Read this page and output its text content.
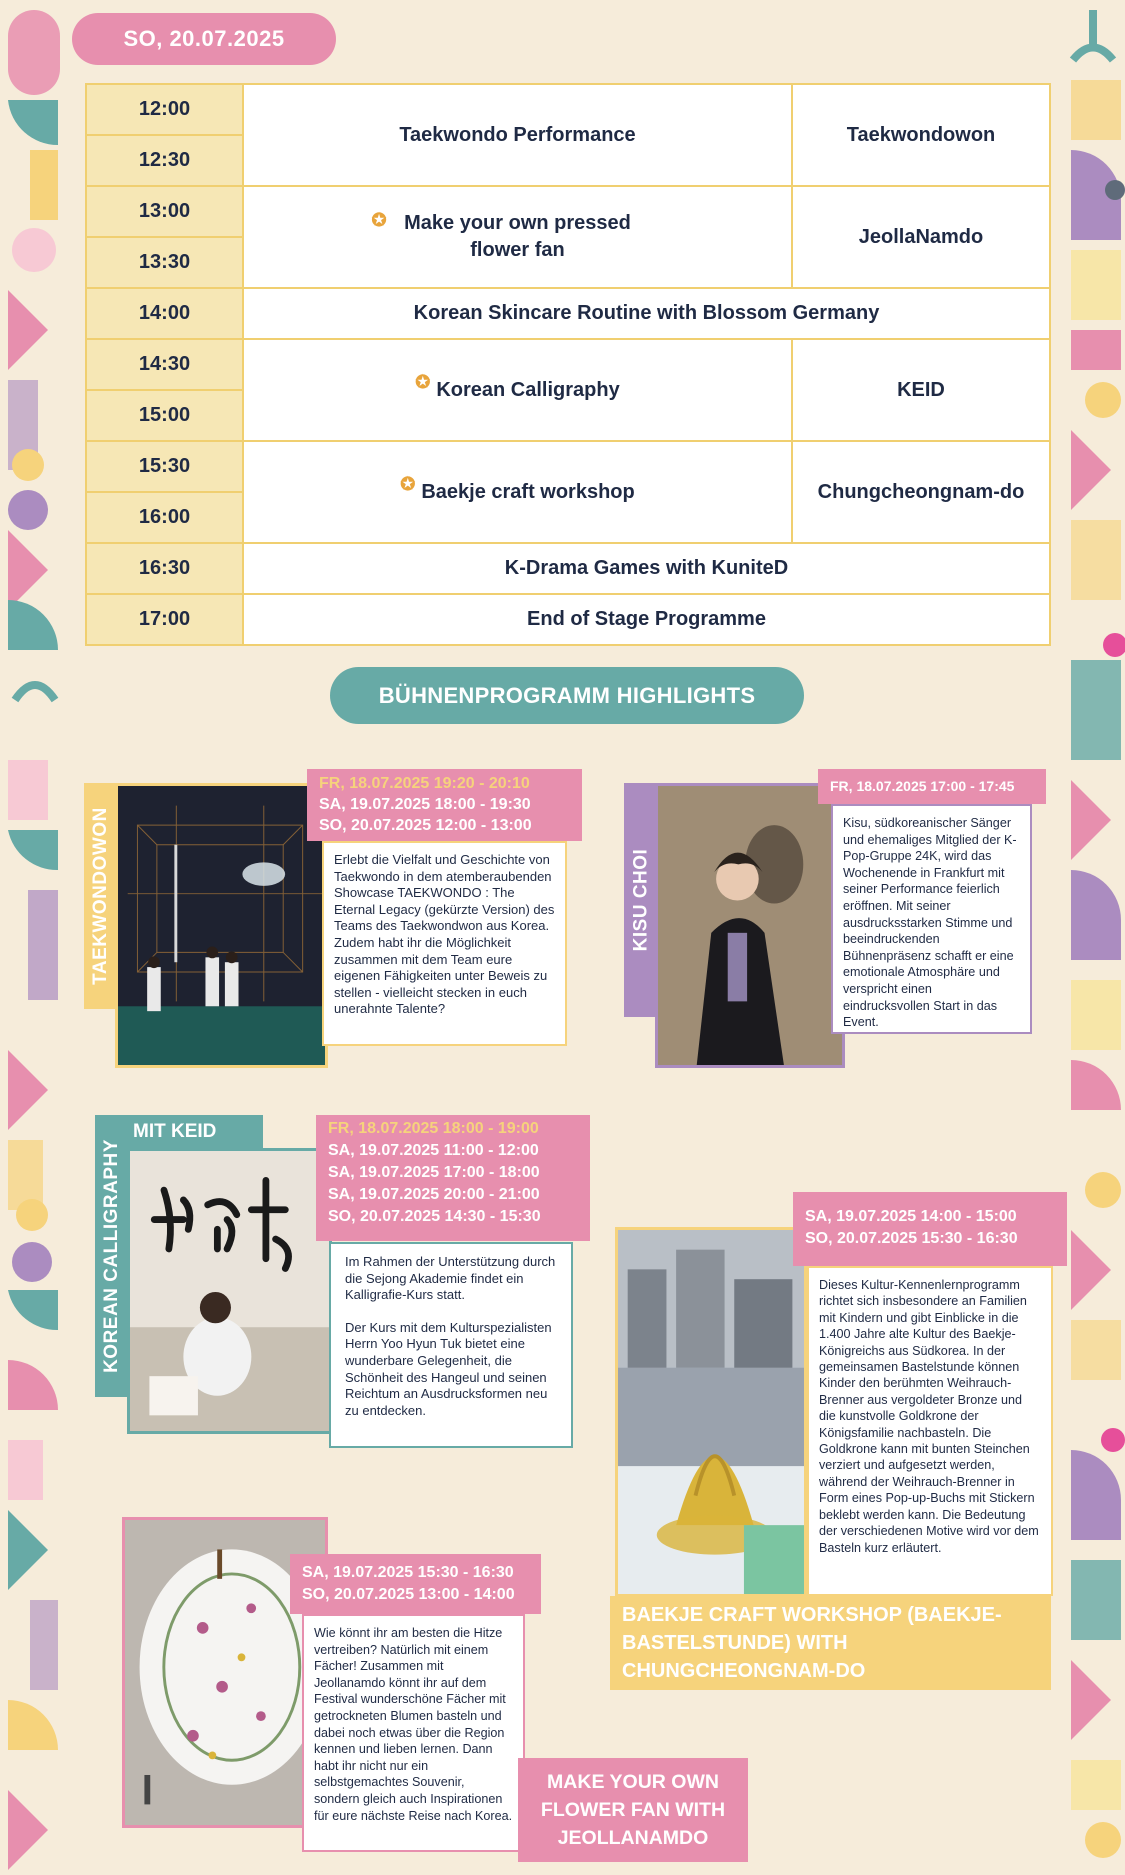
SO, 20.07.2025
12:00	Taekwondo Performance	Taekwondowon
12:30		
13:00	✪ Make your own pressed flower fan	JeollaNamdo
13:30		
14:00	Korean Skincare Routine with Blossom Germany	
14:30	✪ Korean Calligraphy	KEID
15:00		
15:30	✪ Baekje craft workshop	Chungcheongnam-do
16:00		
16:30	K-Drama Games with KuniteD	
17:00	End of Stage Programme	
BÜHNENPROGRAMM HIGHLIGHTS
TAEKWONDOWON
FR, 18.07.2025 19:20 - 20:10
SA, 19.07.2025 18:00 - 19:30
SO, 20.07.2025 12:00 - 13:00
Erlebt die Vielfalt und Geschichte von Taekwondo in dem atemberaubenden Showcase TAEKWONDO : The Eternal Legacy (gekürzte Version) des Teams des Taekwondwon aus Korea. Zudem habt ihr die Möglichkeit zusammen mit dem Team eure eigenen Fähigkeiten unter Beweis zu stellen - vielleicht stecken in euch unerahnte Talente?
KISU CHOI
FR, 18.07.2025 17:00 - 17:45
Kisu, südkoreanischer Sänger und ehemaliges Mitglied der K-Pop-Gruppe 24K, wird das Wochenende in Frankfurt mit seiner Performance feierlich eröffnen. Mit seiner ausdrucksstarken Stimme und beeindruckenden Bühnenpräsenz schafft er eine emotionale Atmosphäre und verspricht einen eindrucksvollen Start in das Event.
KOREAN CALLIGRAPHY
MIT KEID	FR, 18.07.2025 18:00 - 19:00
SA, 19.07.2025 11:00 - 12:00
SA, 19.07.2025 17:00 - 18:00
SA, 19.07.2025 20:00 - 21:00
SO, 20.07.2025 14:30 - 15:30
Im Rahmen der Unterstützung durch die Sejong Akademie findet ein Kalligrafie-Kurs statt.
Der Kurs mit dem Kulturspezialisten Herrn Yoo Hyun Tuk bietet eine wunderbare Gelegenheit, die Schönheit des Hangeul und seinen Reichtum an Ausdrucksformen neu zu entdecken.
SA, 19.07.2025 14:00 - 15:00
SO, 20.07.2025 15:30 - 16:30
Dieses Kultur-Kennenlernprogramm richtet sich insbesondere an Familien mit Kindern und gibt Einblicke in die 1.400 Jahre alte Kultur des Baekje-Königreichs aus Südkorea. In der gemeinsamen Bastelstunde können Kinder den berühmten Weihrauch-Brenner aus vergoldeter Bronze und die kunstvolle Goldkrone der Königsfamilie nachbasteln. Die Goldkrone kann mit bunten Steinchen verziert und aufgesetzt werden, während der Weihrauch-Brenner in Form eines Pop-up-Buchs mit Stickern beklebt werden kann. Die Bedeutung der verschiedenen Motive wird vor dem Basteln kurz erläutert.
BAEKJE CRAFT WORKSHOP (BAEKJE-BASTELSTUNDE) WITH CHUNGCHEONGNAM-DO
SA, 19.07.2025 15:30 - 16:30
SO, 20.07.2025 13:00 - 14:00
Wie könnt ihr am besten die Hitze vertreiben? Natürlich mit einem Fächer! Zusammen mit Jeollanamdo könnt ihr auf dem Festival wunderschöne Fächer mit getrockneten Blumen basteln und dabei noch etwas über die Region kennen und lieben lernen. Dann habt ihr nicht nur ein selbstgemachtes Souvenir, sondern gleich auch Inspirationen für eure nächste Reise nach Korea.
MAKE YOUR OWN FLOWER FAN WITH JEOLLANAMDO
